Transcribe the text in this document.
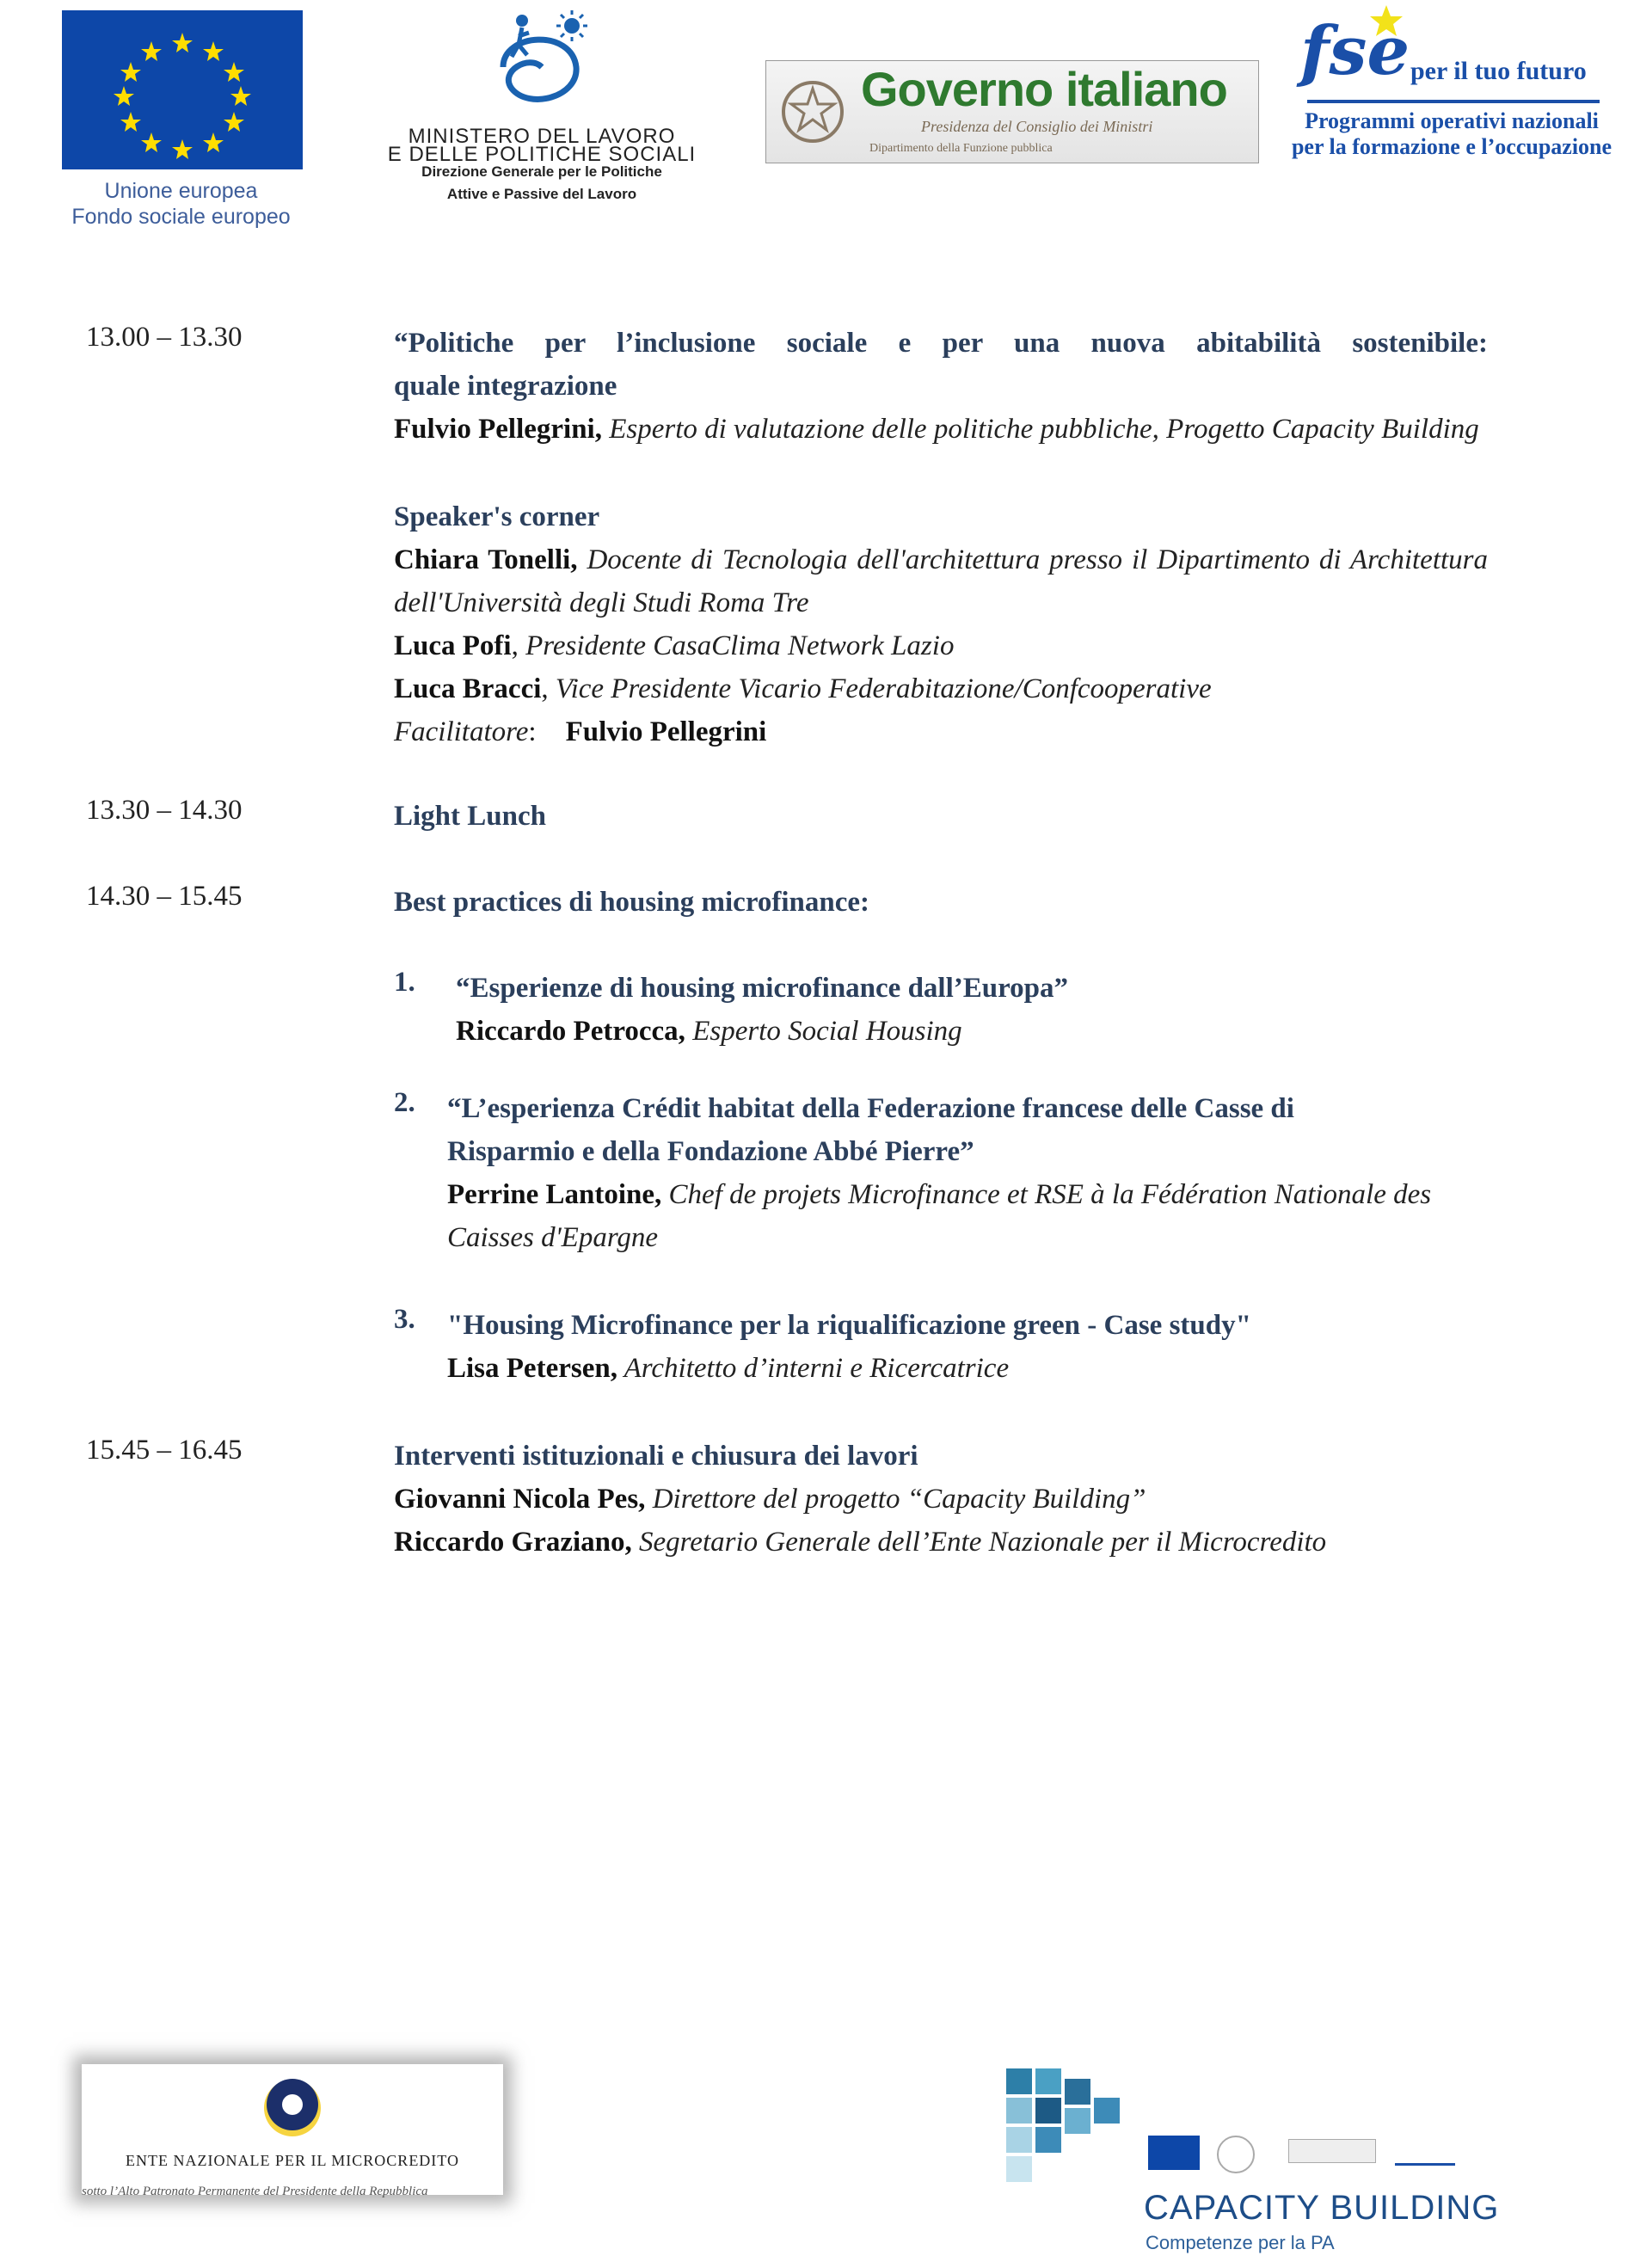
Unione europea
Fondo sociale europeo
MINISTERO DEL LAVORO
E DELLE POLITICHE SOCIALI
Direzione Generale per le Politiche
Attive e Passive del Lavoro
Governo italiano
Presidenza del Consiglio dei Ministri
Dipartimento della Funzione pubblica
fse per il tuo futuro
Programmi operativi nazionali
per la formazione e l’occupazione
13.00 – 13.30	“Politiche per l’inclusione sociale e per una nuova abitabilità sostenibile:
quale integrazione
Fulvio Pellegrini, Esperto di valutazione delle politiche pubbliche, Progetto Capacity Building
Speaker's corner
Chiara Tonelli, Docente di Tecnologia dell'architettura presso il Dipartimento di Architettura
dell'Università degli Studi Roma Tre
Luca Pofi, Presidente CasaClima Network Lazio
Luca Bracci, Vice Presidente Vicario Federabitazione/Confcooperative
Facilitatore: Fulvio Pellegrini
13.30 – 14.30	Light Lunch
14.30 – 15.45	Best practices di housing microfinance:
1. “Esperienze di housing microfinance dall’Europa”
Riccardo Petrocca, Esperto Social Housing
2. “L’esperienza Crédit habitat della Federazione francese delle Casse di
Risparmio e della Fondazione Abbé Pierre”
Perrine Lantoine, Chef de projets Microfinance et RSE à la Fédération Nationale des
Caisses d'Epargne
3. "Housing Microfinance per la riqualificazione green - Case study"
Lisa Petersen, Architetto d’interni e Ricercatrice
15.45 – 16.45	Interventi istituzionali e chiusura dei lavori
Giovanni Nicola Pes, Direttore del progetto “Capacity Building”
Riccardo Graziano, Segretario Generale dell’Ente Nazionale per il Microcredito
ENTE NAZIONALE PER IL MICROCREDITO
sotto l’Alto Patronato Permanente del Presidente della Repubblica	CAPACITY BUILDING
Competenze per la PA
